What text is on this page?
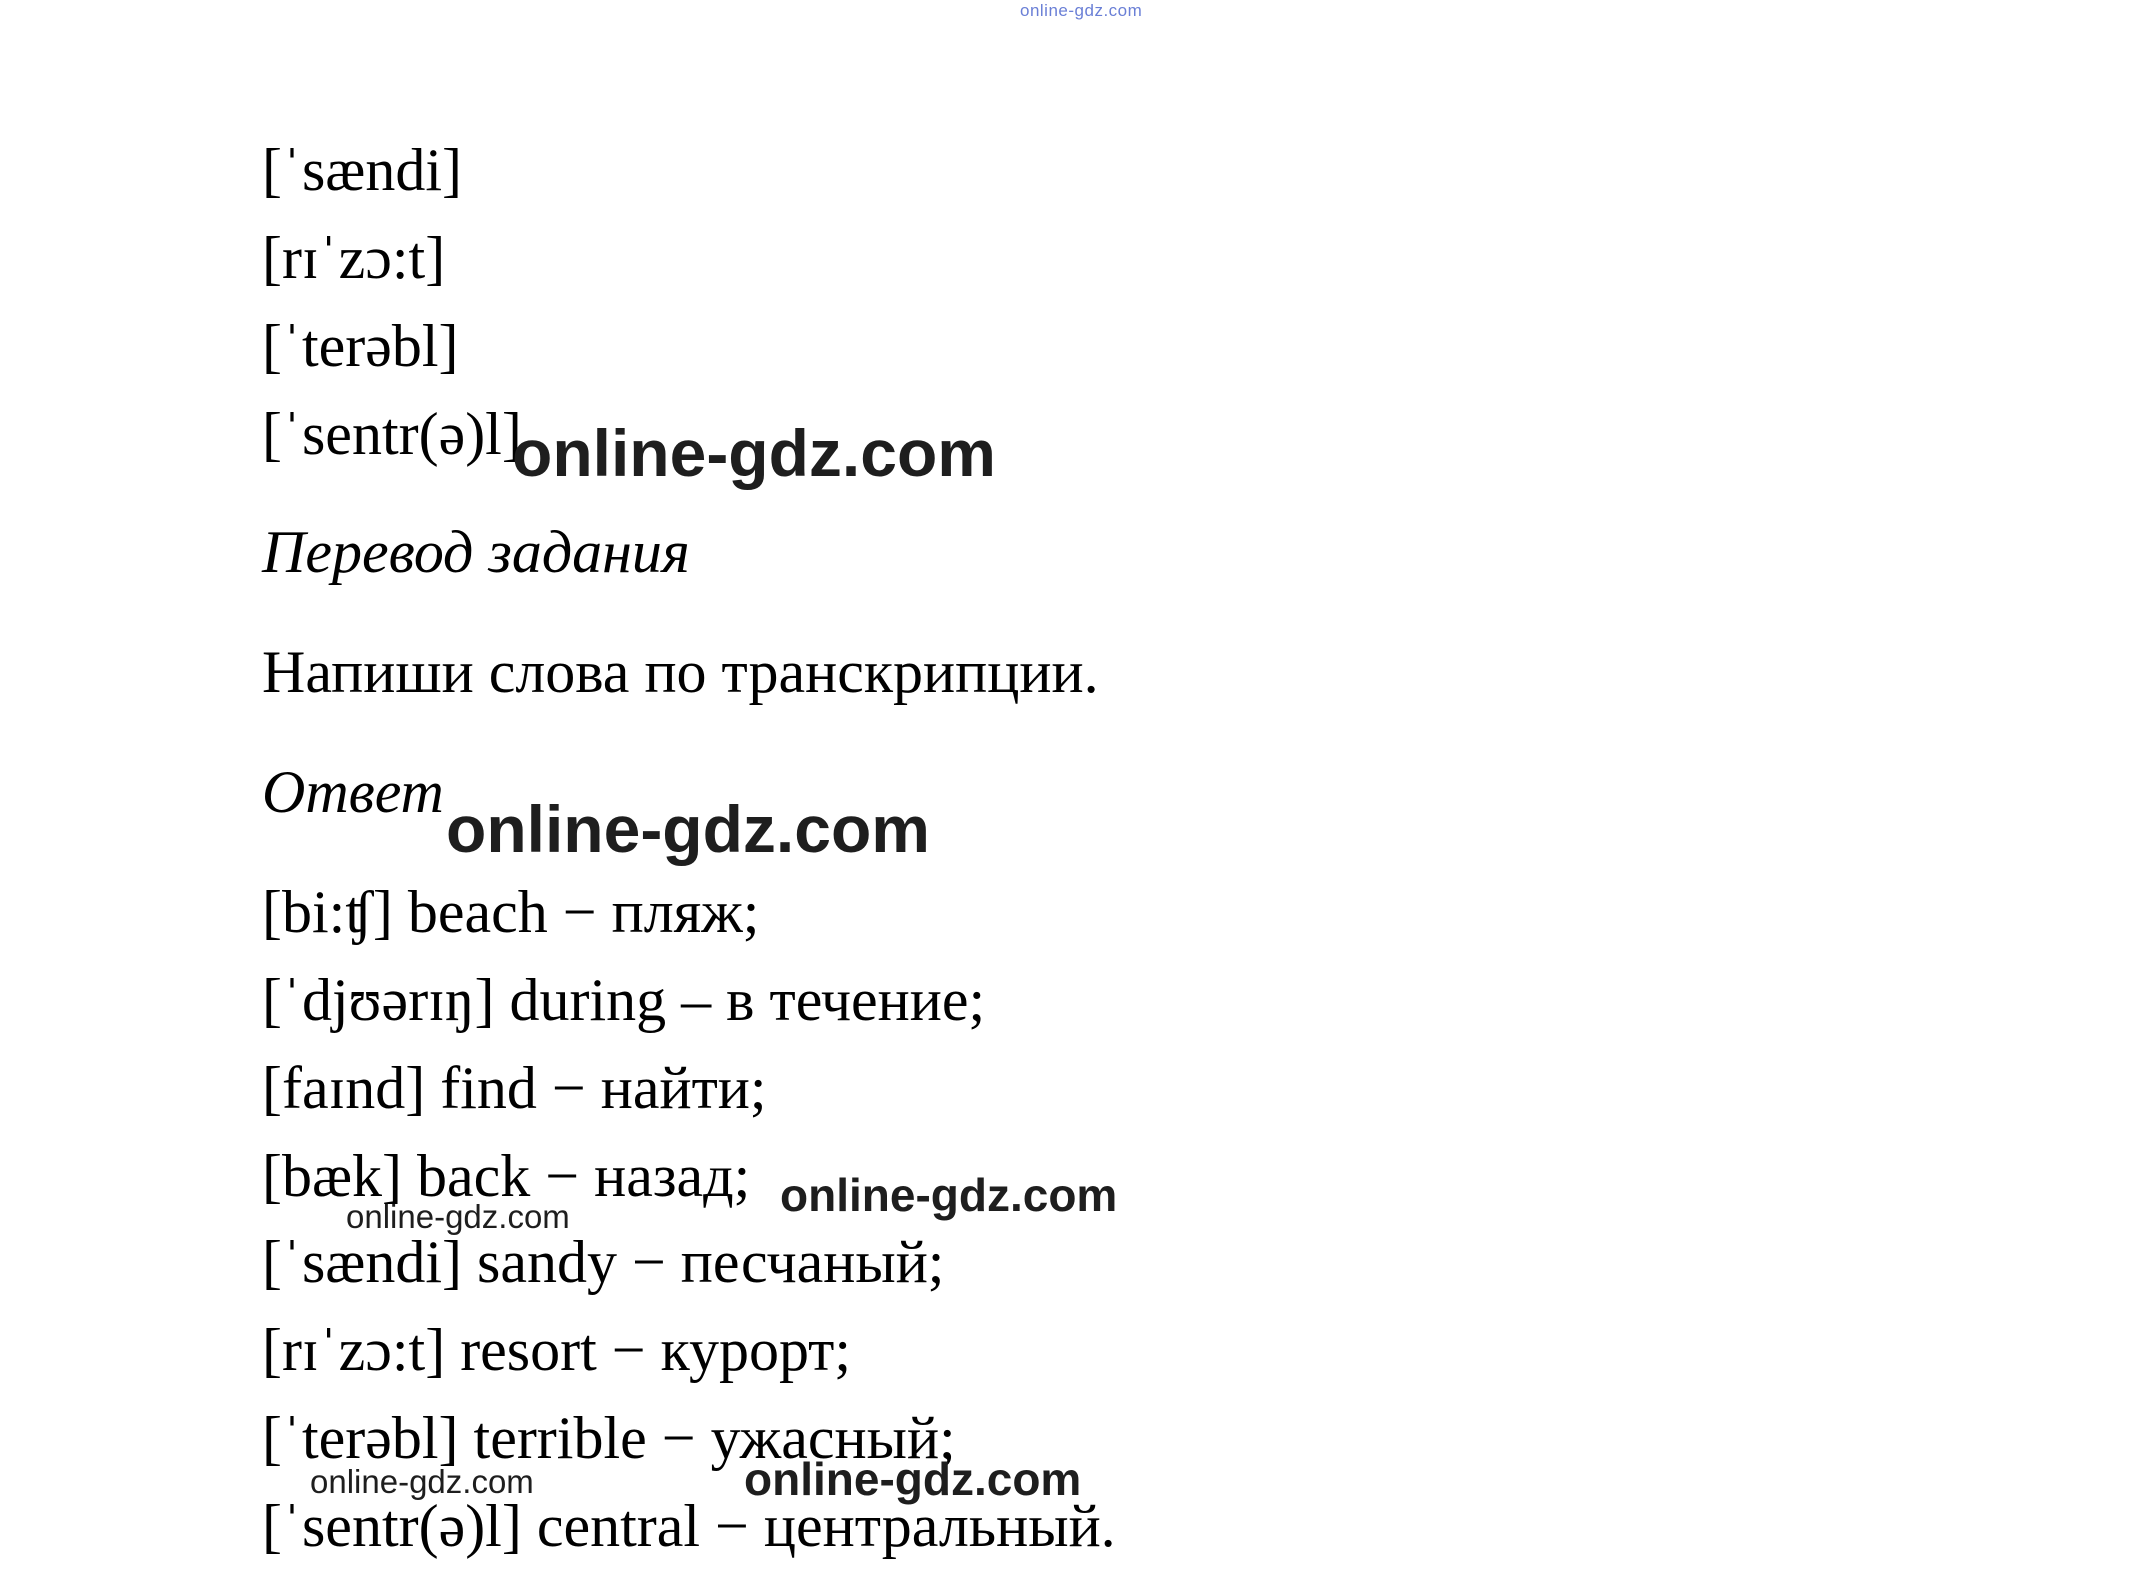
online-gdz.com
[ˈsændi]
[rɪˈzɔ:t]
[ˈterəbl]
[ˈsentr(ə)l]
online-gdz.com
Перевод задания
Напиши слова по транскрипции.
Ответ online-gdz.com
[bi:ʧ] beach − пляж;
[ˈdjʊərɪŋ] during – в течение;
[faɪnd] find − найти;
[bæk] back − назад; online-gdz.com
online-gdz.com
[ˈsændi] sandy − песчаный;
[rɪˈzɔ:t] resort − курорт;
[ˈterəbl] terrible − ужасный;
online-gdz.com
online-gdz.com
[ˈsentr(ə)l] central − центральный.
